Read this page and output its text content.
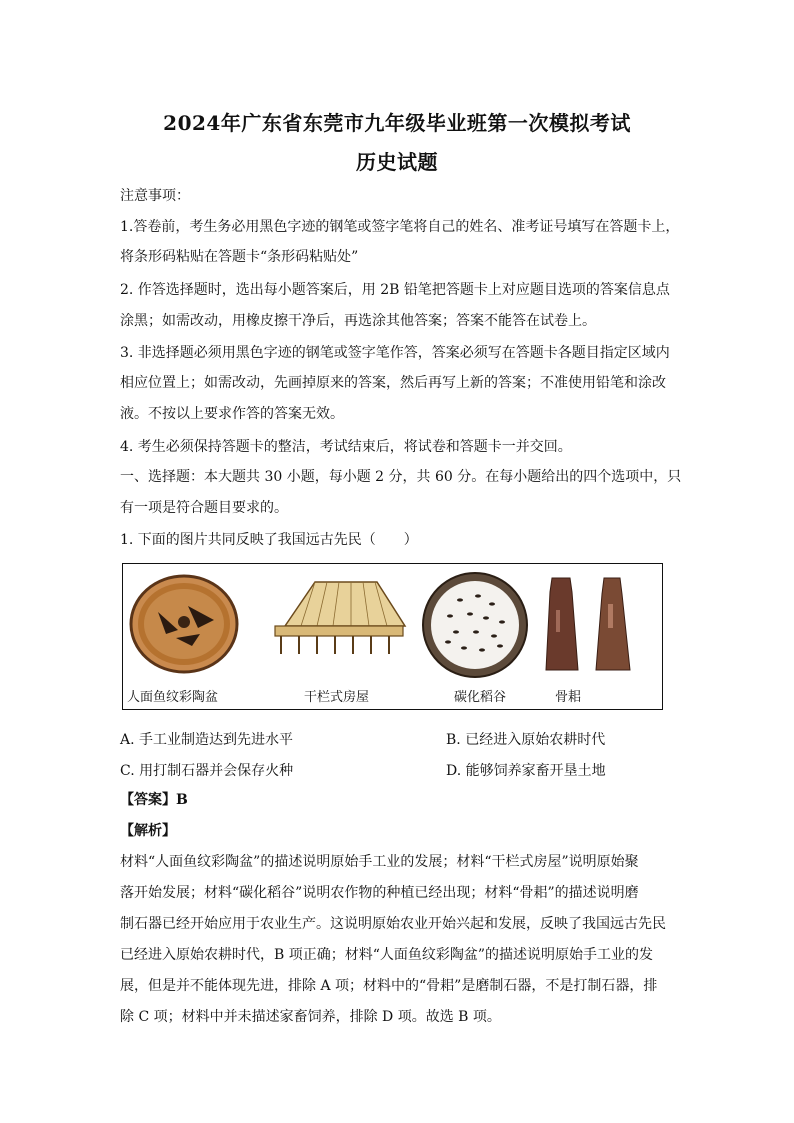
2024年广东省东莞市九年级毕业班第一次模拟考试
历史试题
注意事项：
1.答卷前，考生务必用黑色字迹的钢笔或签字笔将自己的姓名、准考证号填写在答题卡上，
将条形码粘贴在答题卡“条形码粘贴处”
2. 作答选择题时，选出每小题答案后，用 2B 铅笔把答题卡上对应题目选项的答案信息点
涂黑；如需改动，用橡皮擦干净后，再选涂其他答案；答案不能答在试卷上。
3. 非选择题必须用黑色字迹的钢笔或签字笔作答，答案必须写在答题卡各题目指定区域内
相应位置上；如需改动，先画掉原来的答案，然后再写上新的答案；不准使用铅笔和涂改
液。不按以上要求作答的答案无效。
4. 考生必须保持答题卡的整洁，考试结束后，将试卷和答题卡一并交回。
一、选择题：本大题共 30 小题，每小题 2 分，共 60 分。在每小题给出的四个选项中，只
有一项是符合题目要求的。
1. 下面的图片共同反映了我国远古先民（　　）
人面鱼纹彩陶盆	干栏式房屋	碳化稻谷	骨耜
A. 手工业制造达到先进水平	B. 已经进入原始农耕时代
C. 用打制石器并会保存火种	D. 能够饲养家畜开垦土地
【答案】B
【解析】
材料“人面鱼纹彩陶盆”的描述说明原始手工业的发展；材料“干栏式房屋”说明原始聚
落开始发展；材料“碳化稻谷”说明农作物的种植已经出现；材料“骨耜”的描述说明磨
制石器已经开始应用于农业生产。这说明原始农业开始兴起和发展，反映了我国远古先民
已经进入原始农耕时代，B 项正确；材料“人面鱼纹彩陶盆”的描述说明原始手工业的发
展，但是并不能体现先进，排除 A 项；材料中的“骨耜”是磨制石器，不是打制石器，排
除 C 项；材料中并未描述家畜饲养，排除 D 项。故选 B 项。
